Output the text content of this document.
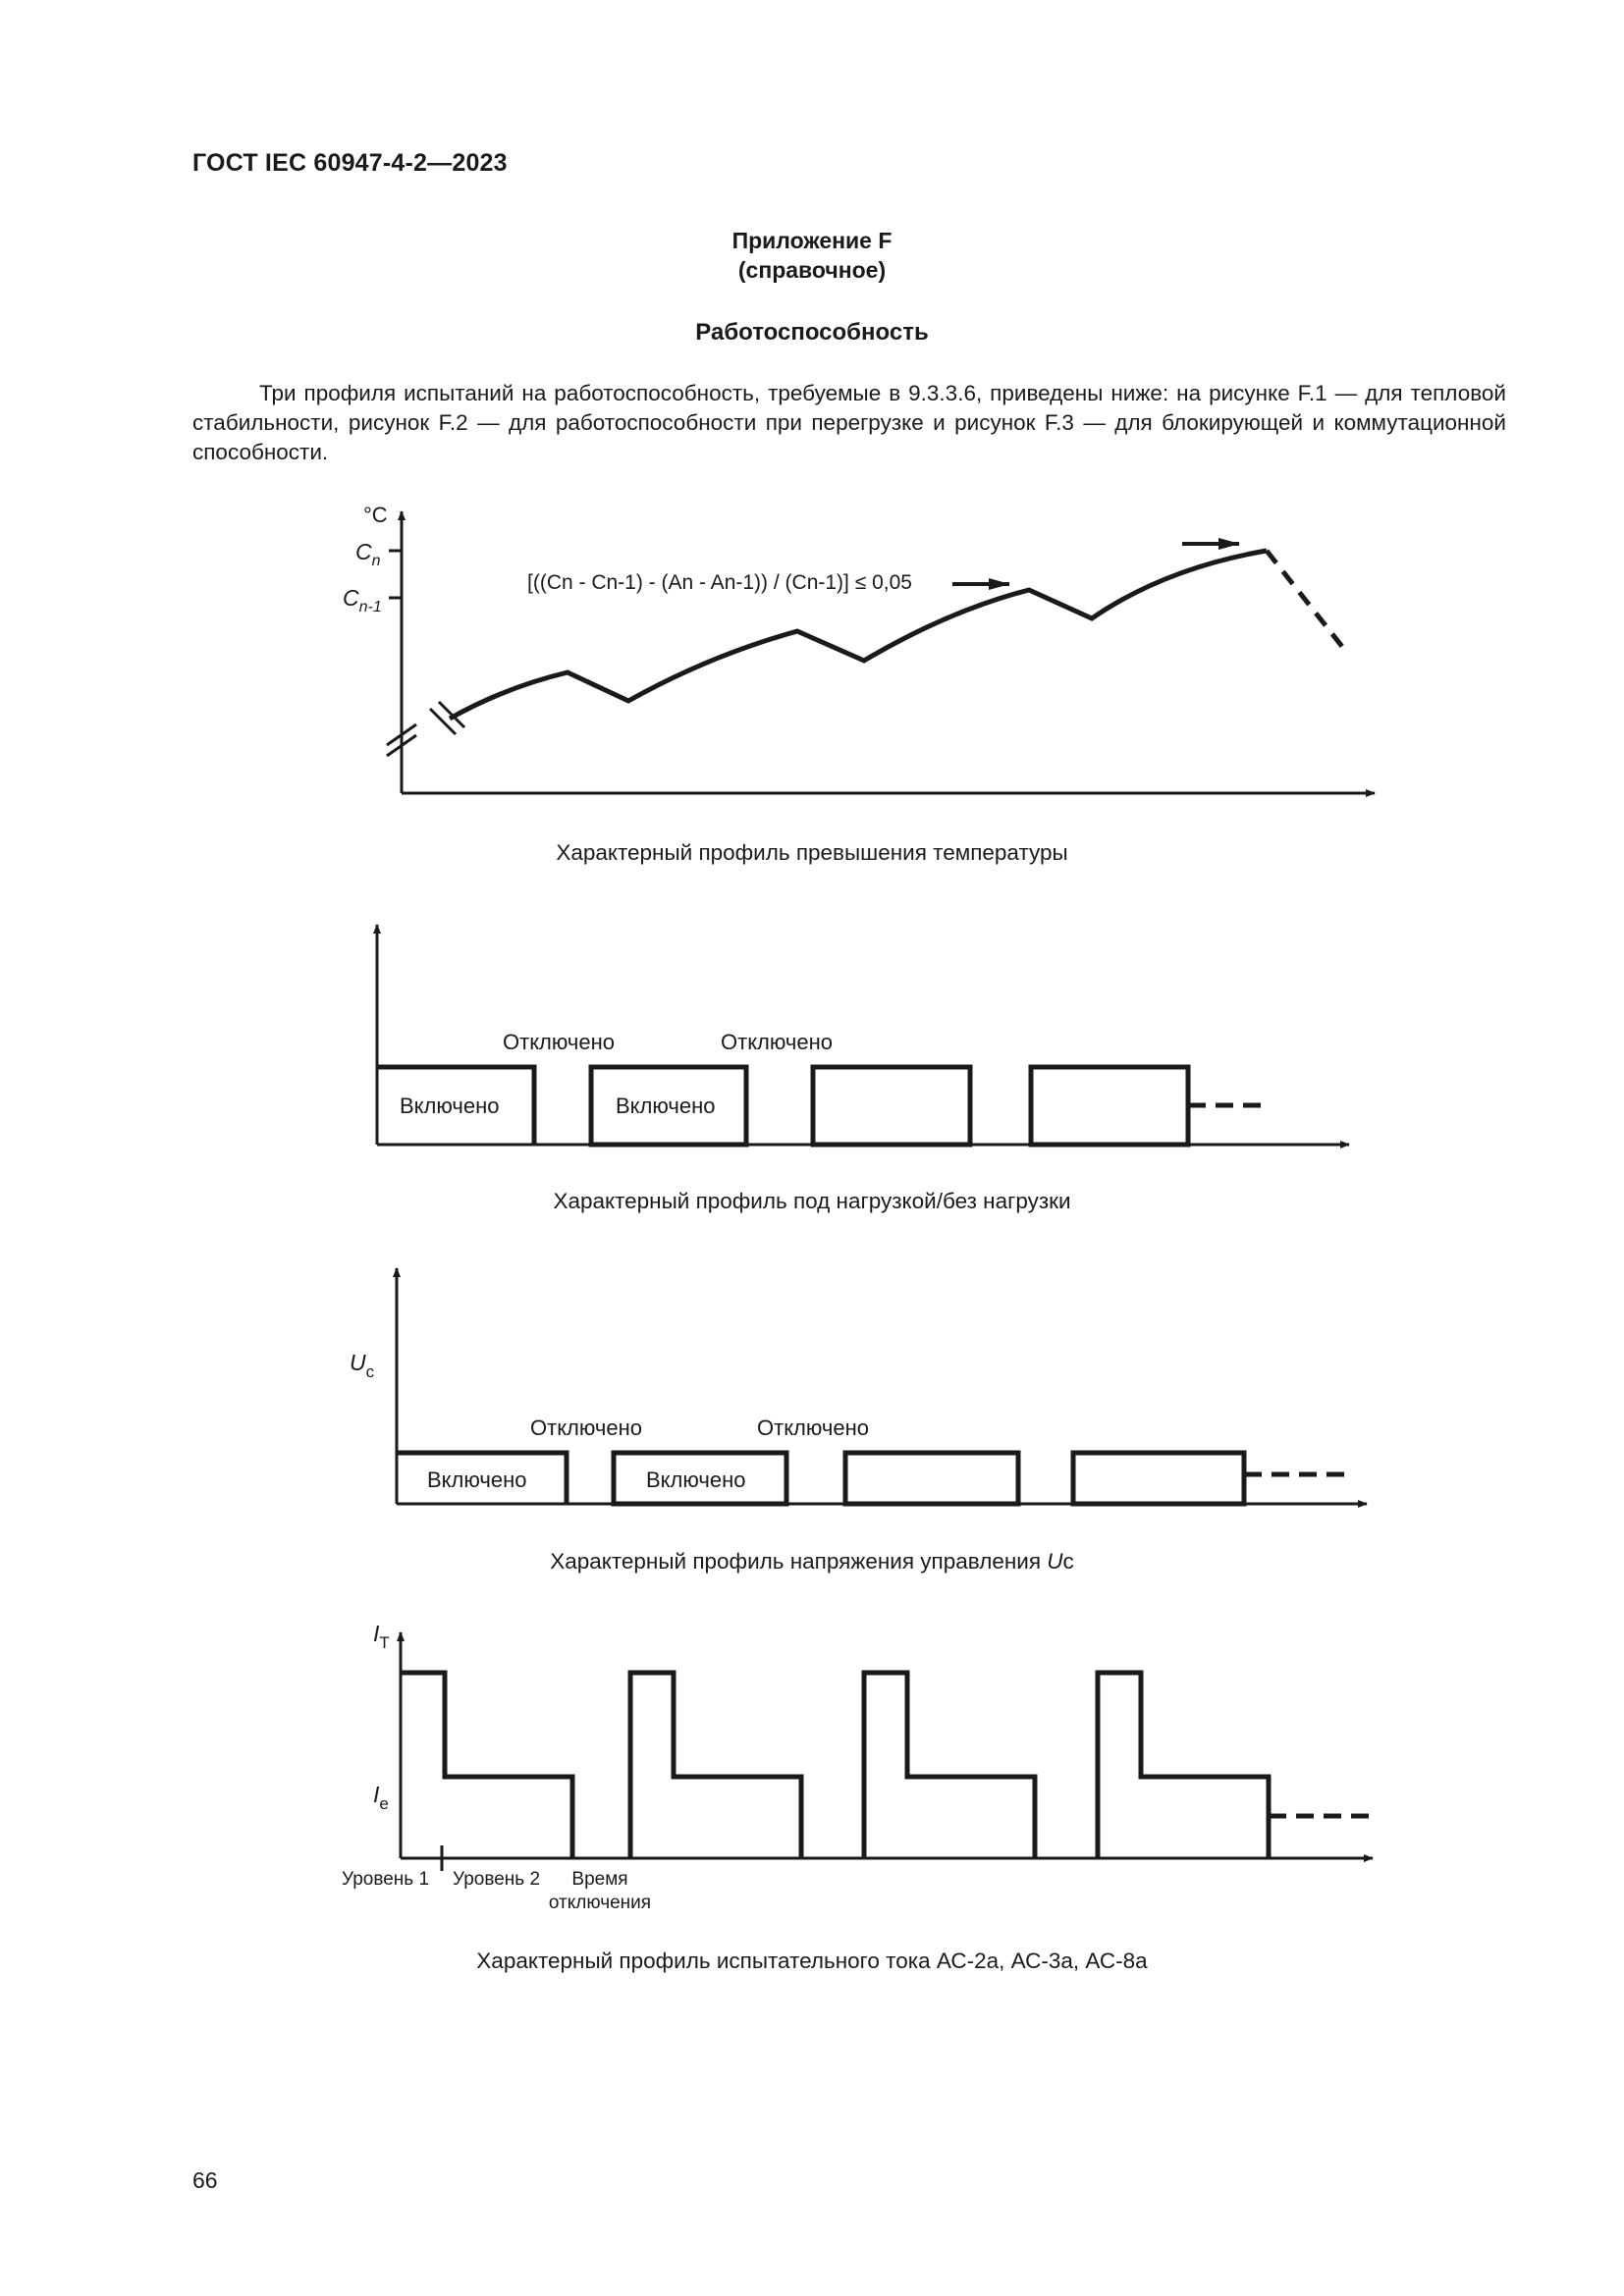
ГОСТ IEC 60947-4-2—2023
Приложение F
(справочное)
Работоспособность
Три профиля испытаний на работоспособность, требуемые в 9.3.3.6, приведены ниже: на рисунке F.1 — для тепловой стабильности, рисунок F.2 — для работоспособности при перегрузке и рисунок F.3 — для блокирующей и коммутационной способности.
°C
$C_n$
$C_{n-1}$
[((Cn - Cn-1) - (An - An-1)) / (Cn-1)] ≤ 0,05
Характерный профиль превышения температуры
Включено	Включено
Отключено	Отключено
Характерный профиль под нагрузкой/без нагрузки
$U_c$
Включено	Включено
Отключено	Отключено
Характерный профиль напряжения управления Uc
$I_T$
$I_e$
Уровень 1 Уровень 2 Время
отключения
Характерный профиль испытательного тока АС-2а, АС-3а, АС-8а
66
